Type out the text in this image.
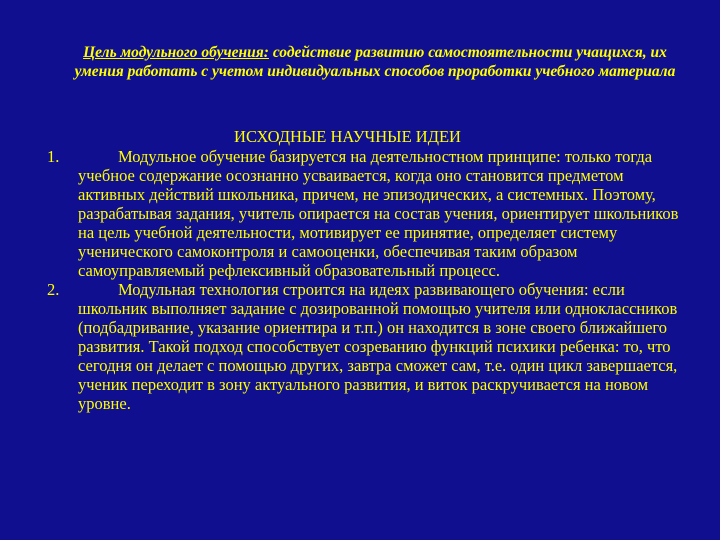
Цель модульного обучения: содействие развитию самостоятельности учащихся, их умения работать с учетом индивидуальных способов проработки учебного материала
ИСХОДНЫЕ НАУЧНЫЕ ИДЕИ
1.	Модульное обучение базируется на деятельностном принципе: только тогда учебное содержание осознанно усваивается, когда оно становится предметом активных действий школьника, причем, не эпизодических, а системных. Поэтому, разрабатывая задания, учитель опирается на состав учения, ориентирует школьников на цель учебной деятельности, мотивирует ее принятие, определяет систему ученического самоконтроля и самооценки, обеспечивая таким образом самоуправляемый рефлексивный образовательный процесс.
2.	Модульная технология строится на идеях развивающего обучения: если школьник выполняет задание с дозированной помощью учителя или одноклассников (подбадривание, указание ориентира и т.п.) он находится в зоне своего ближайшего развития. Такой подход способствует созреванию функций психики ребенка: то, что сегодня он делает с помощью других, завтра сможет сам, т.е. один цикл завершается, ученик переходит в зону актуального развития, и виток раскручивается на новом уровне.
